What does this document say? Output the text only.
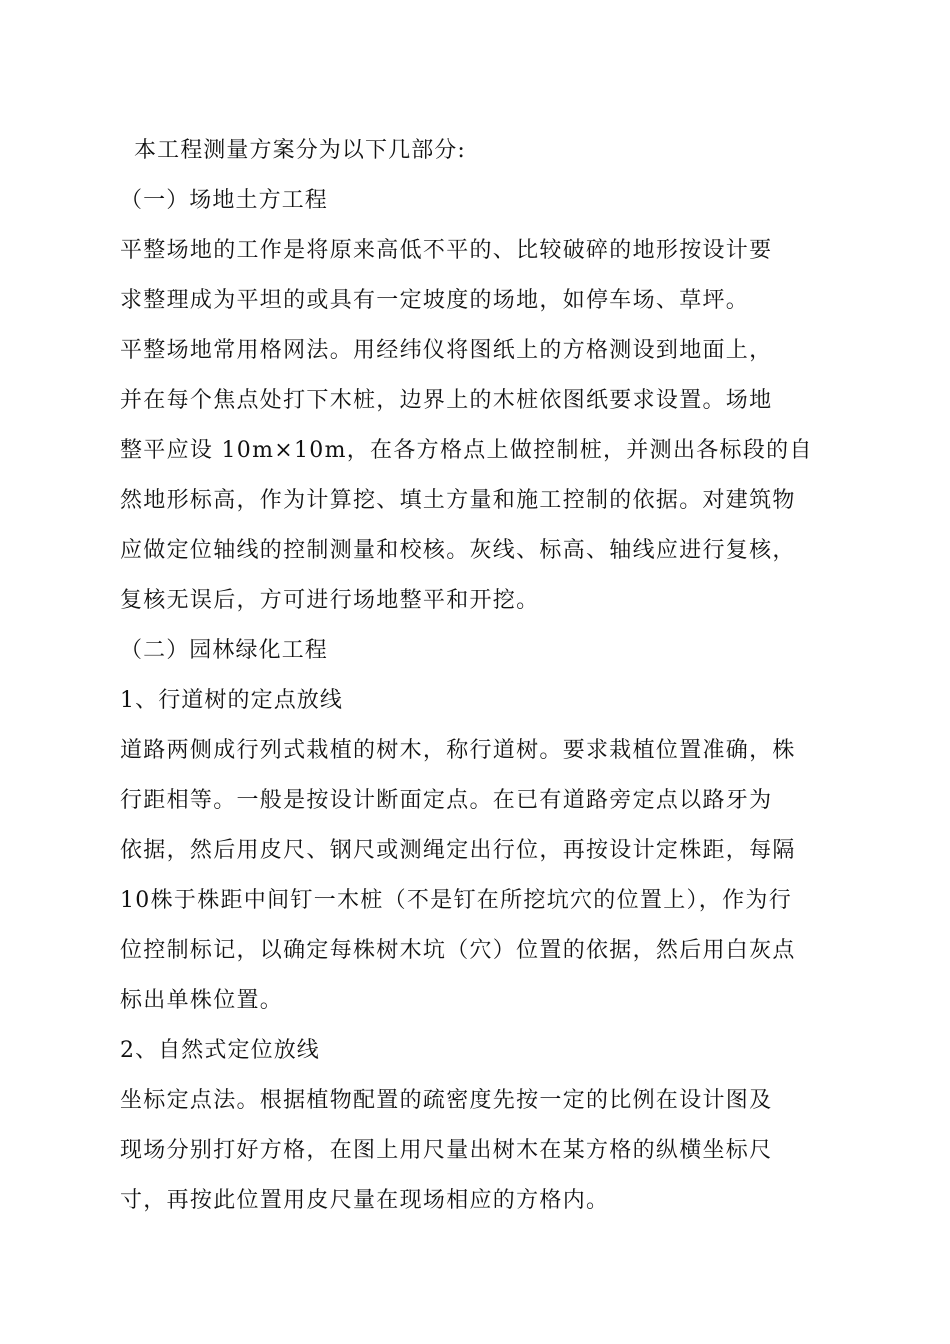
本工程测量方案分为以下几部分:
（一）场地土方工程
平整场地的工作是将原来高低不平的、比较破碎的地形按设计要
求整理成为平坦的或具有一定坡度的场地，如停车场、草坪。
平整场地常用格网法。用经纬仪将图纸上的方格测设到地面上，
并在每个焦点处打下木桩，边界上的木桩依图纸要求设置。场地
整平应设 10m×10m，在各方格点上做控制桩，并测出各标段的自
然地形标高，作为计算挖、填土方量和施工控制的依据。对建筑物
应做定位轴线的控制测量和校核。灰线、标高、轴线应进行复核，
复核无误后，方可进行场地整平和开挖。
（二）园林绿化工程
1、行道树的定点放线
道路两侧成行列式栽植的树木，称行道树。要求栽植位置准确，株
行距相等。一般是按设计断面定点。在已有道路旁定点以路牙为
依据，然后用皮尺、钢尺或测绳定出行位，再按设计定株距，每隔
10株于株距中间钉一木桩（不是钉在所挖坑穴的位置上），作为行
位控制标记，以确定每株树木坑（穴）位置的依据，然后用白灰点
标出单株位置。
2、自然式定位放线
坐标定点法。根据植物配置的疏密度先按一定的比例在设计图及
现场分别打好方格，在图上用尺量出树木在某方格的纵横坐标尺
寸，再按此位置用皮尺量在现场相应的方格内。
